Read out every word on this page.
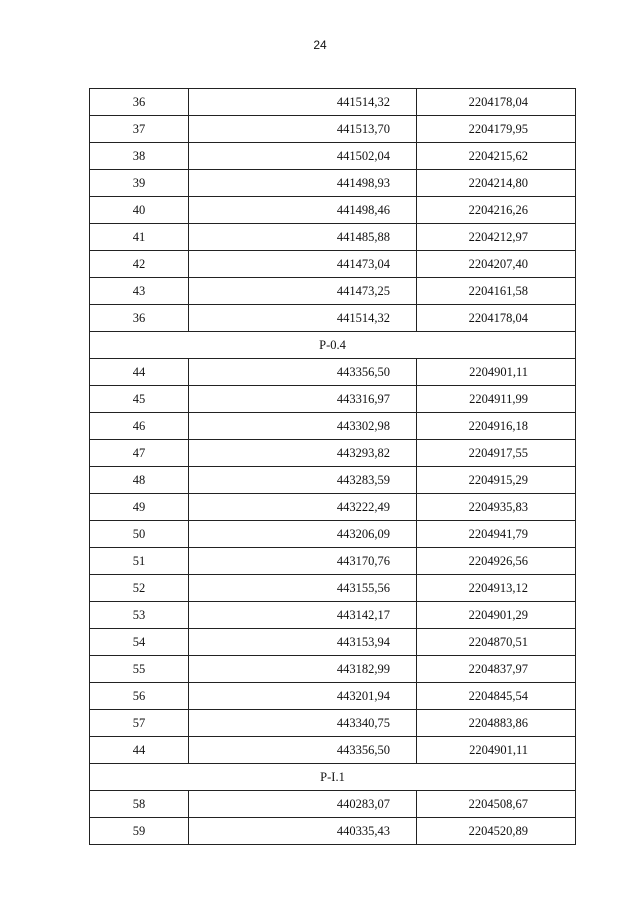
24
36	441514,32	2204178,04
37	441513,70	2204179,95
38	441502,04	2204215,62
39	441498,93	2204214,80
40	441498,46	2204216,26
41	441485,88	2204212,97
42	441473,04	2204207,40
43	441473,25	2204161,58
36	441514,32	2204178,04
P-0.4		
44	443356,50	2204901,11
45	443316,97	2204911,99
46	443302,98	2204916,18
47	443293,82	2204917,55
48	443283,59	2204915,29
49	443222,49	2204935,83
50	443206,09	2204941,79
51	443170,76	2204926,56
52	443155,56	2204913,12
53	443142,17	2204901,29
54	443153,94	2204870,51
55	443182,99	2204837,97
56	443201,94	2204845,54
57	443340,75	2204883,86
44	443356,50	2204901,11
P-I.1		
58	440283,07	2204508,67
59	440335,43	2204520,89
